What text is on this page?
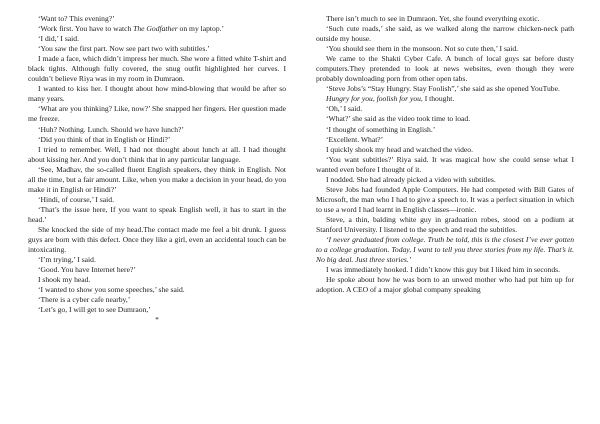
‘Want to? This evening?’

‘Work first. You have to watch The Godfather on my laptop.’

‘I did,’ I said.

‘You saw the first part. Now see part two with subtitles.’

I made a face, which didn’t impress her much. She wore a fitted white T-shirt and black tights. Although fully covered, the snug outfit highlighted her curves. I couldn’t believe Riya was in my room in Dumraon.

I wanted to kiss her. I thought about how mind-blowing that would be after so many years.

‘What are you thinking? Like, now?’ She snapped her fingers. Her question made me freeze.

‘Huh? Nothing. Lunch. Should we have lunch?’

‘Did you think of that in English or Hindi?’

I tried to remember. Well, I had not thought about lunch at all. I had thought about kissing her. And you don’t think that in any particular language.

‘See, Madhav, the so-called fluent English speakers, they think in English. Not all the time, but a fair amount. Like, when you make a decision in your head, do you make it in English or Hindi?’

‘Hindi, of course,’ I said.

‘That’s the issue here, If you want to speak English well, it has to start in the head.’

She knocked the side of my head.The contact made me feel a bit drunk. I guess guys are born with this defect. Once they like a girl, even an accidental touch can be intoxicating.

‘I’m trying,’ I said.

‘Good. You have Internet here?’

I shook my head.

‘I wanted to show you some speeches,’ she said.

‘There is a cyber cafe nearby,’

‘Let’s go, I will get to see Dumraon,’

*

There isn’t much to see in Dumraon. Yet, she found everything exotic.

‘Such cute roads,’ she said, as we walked along the narrow chicken-neck path outside my house.

‘You should see them in the monsoon. Not so cute then,’ I said.

We came to the Shakti Cyber Cafe. A bunch of local guys sat before dusty computers.They pretended to look at news websites, even though they were probably downloading porn from other open tabs.

‘Steve Jobs’s “Stay Hungry. Stay Foolish”,’ she said as she opened YouTube.

Hungry for you, foolish for you, I thought.

‘Oh,’ I said.

‘What?’ she said as the video took time to load.

‘I thought of something in English.’

‘Excellent. What?’

I quickly shook my head and watched the video.

‘You want subtitles?’ Riya said. It was magical how she could sense what I wanted even before I thought of it.

I nodded. She had already picked a video with subtitles.

Steve Jobs had founded Apple Computers. He had competed with Bill Gates of Microsoft, the man who I had to give a speech to. It was a perfect situation in which to use a word I had learnt in English classes—ironic.

Steve, a thin, balding white guy in graduation robes, stood on a podium at Stanford University. I listened to the speech and read the subtitles.

‘I never graduated from college. Truth be told, this is the closest I’ve ever gotten to a college graduation. Today, I want to tell you three stories from my life. That’s it. No big deal. Just three stories.’

I was immediately hooked. I didn’t know this guy but I liked him in seconds.

He spoke about how he was born to an unwed mother who had put him up for adoption. A CEO of a major global company speaking
